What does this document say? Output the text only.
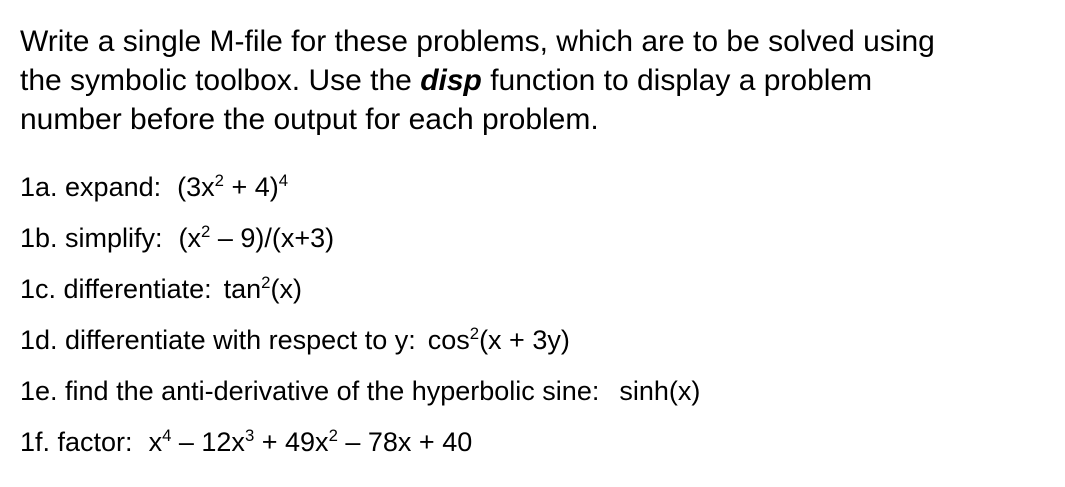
Write a single M-file for these problems, which are to be solved using
the symbolic toolbox. Use the disp function to display a problem
number before the output for each problem.
1a. expand: $(3x^2 + 4)^4$
1b. simplify: $(x^2 - 9)/(x+3)$
1c. differentiate: $\tan^2(x)$
1d. differentiate with respect to y: $\cos^2(x + 3y)$
1e. find the anti-derivative of the hyperbolic sine: sinh(x)
1f. factor: $x^4 - 12x^3 + 49x^2 - 78x + 40$
